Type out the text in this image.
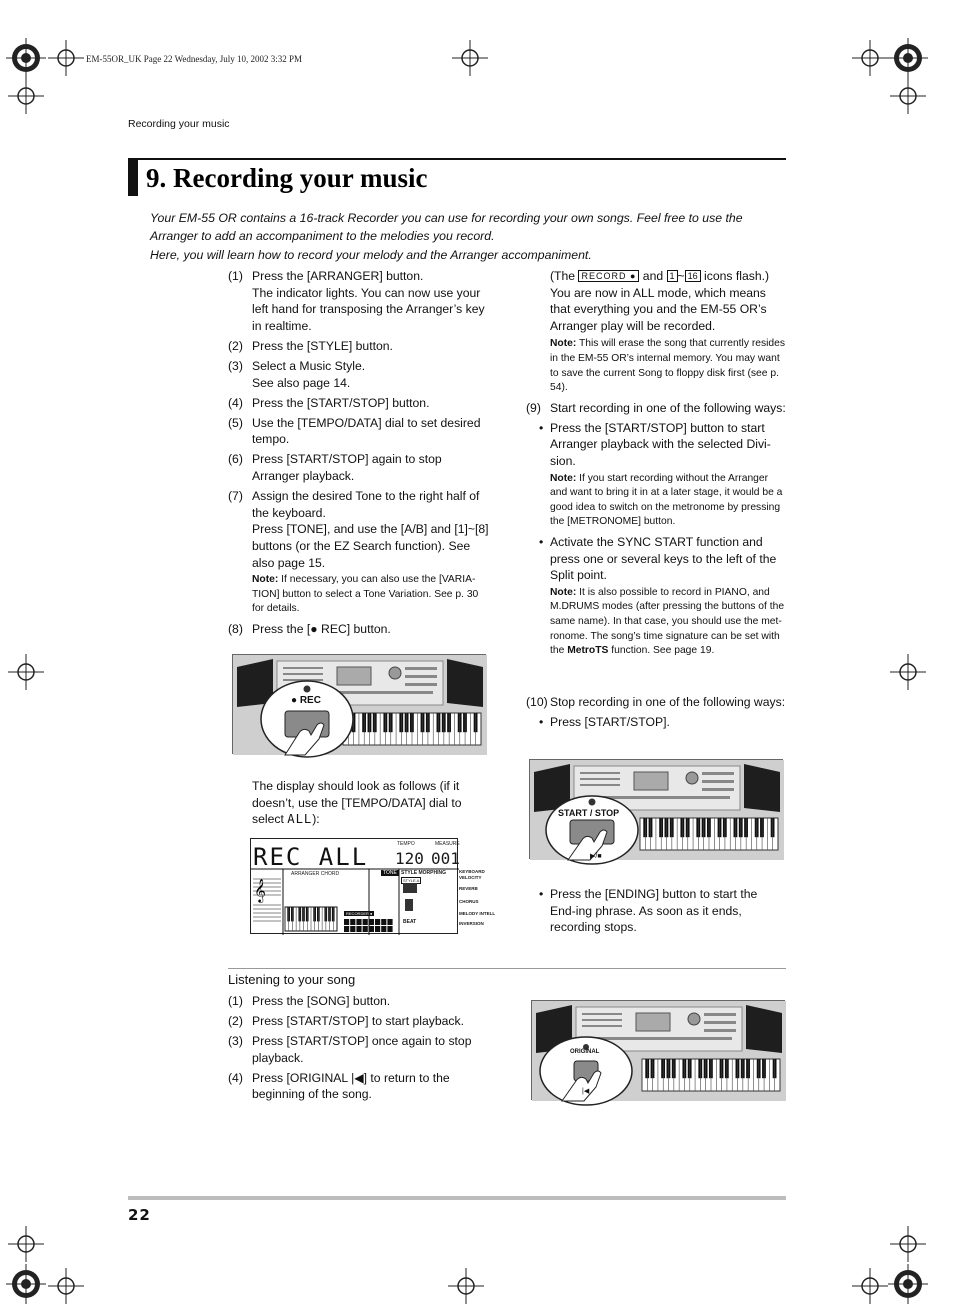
EM-55OR_UK Page 22 Wednesday, July 10, 2002 3:32 PM
Recording your music
9. Recording your music

Your EM-55 OR contains a 16-track Recorder you can use for recording your own songs. Feel free to use the Arranger to add an accompaniment to the melodies you record.

Here, you will learn how to record your melody and the Arranger accompaniment.

(1) Press the [ARRANGER] button.
The indicator lights. You can now use your left hand for transposing the Arranger’s key in realtime.
(2) Press the [STYLE] button.
(3) Select a Music Style.
See also page 14.
(4) Press the [START/STOP] button.
(5) Use the [TEMPO/DATA] dial to set desired tempo.
(6) Press [START/STOP] again to stop Arranger playback.
(7) Assign the desired Tone to the right half of the keyboard.
Press [TONE], and use the [A/B] and [1]~[8] buttons (or the EZ Search function). See also page 15.
Note: If necessary, you can also use the [VARIA-TION] button to select a Tone Variation. See p. 30 for details.
(8) Press the [● REC] button.
● REC
The display should look as follows (if it doesn’t, use the [TEMPO/DATA] dial to select ALL):
REC ALL	TEMPO	MEASURE
120 001
ARRANGER CHORD	TONE STYLE MORPHING
STYLE A
RECORDER ●
BEAT
KEYBOARD VELOCITY
REVERB
CHORUS
MELODY INTELL
INVERSION
𝄞
(The RECORD ● and 1 ~ 16 icons flash.)
You are now in ALL mode, which means that everything you and the EM-55 OR’s Arranger play will be recorded.
Note: This will erase the song that currently resides in the EM-55 OR’s internal memory. You may want to save the current Song to floppy disk first (see p. 54).
(9) Start recording in one of the following ways:
• Press the [START/STOP] button to start Arranger playback with the selected Divi-sion.
Note: If you start recording without the Arranger and want to bring it in at a later stage, it would be a good idea to switch on the metronome by pressing the [METRONOME] button.
• Activate the SYNC START function and press one or several keys to the left of the Split point.
Note: It is also possible to record in PIANO, and M.DRUMS modes (after pressing the buttons of the same name). In that case, you should use the met-ronome. The song’s time signature can be set with the MetroTS function. See page 19.
(10) Stop recording in one of the following ways:
• Press [START/STOP].
START / STOP
▶/■
• Press the [ENDING] button to start the End-ing phrase. As soon as it ends, recording stops.
Listening to your song
(1) Press the [SONG] button.
(2) Press [START/STOP] to start playback.
(3) Press [START/STOP] once again to stop playback.
(4) Press [ORIGINAL |◀] to return to the beginning of the song.
ORIGINAL
|◀
22
